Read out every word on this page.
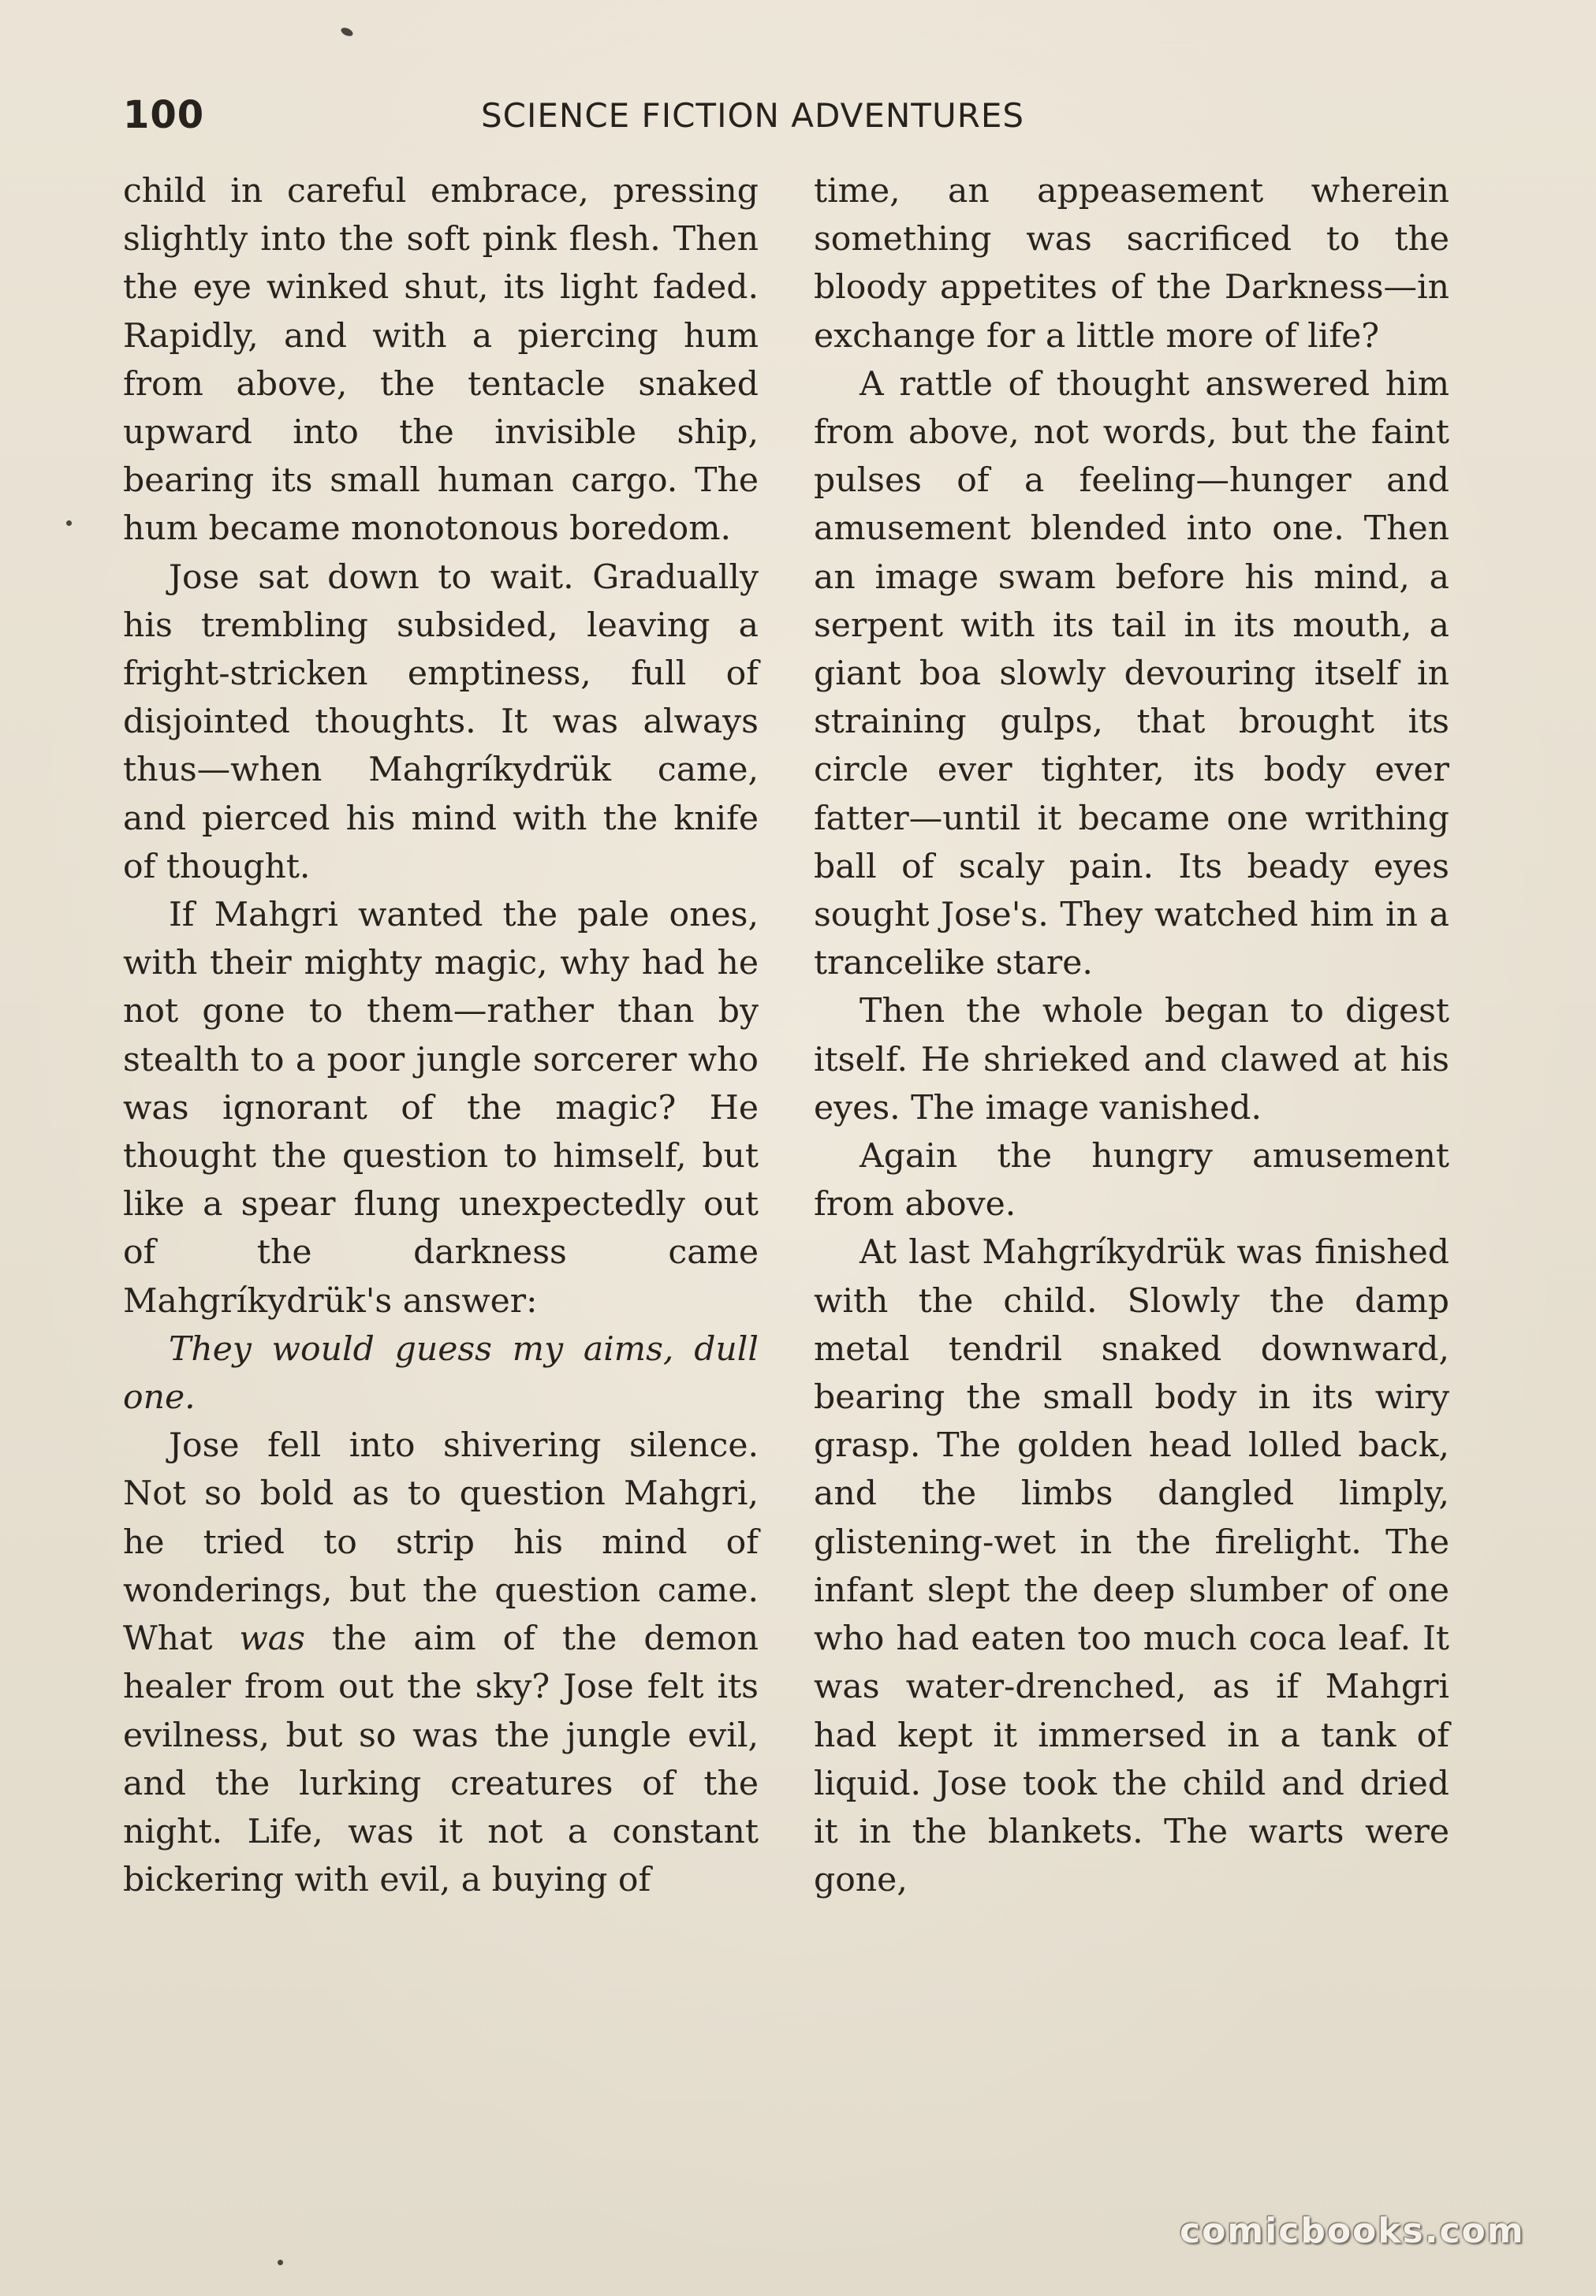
100	SCIENCE FICTION ADVENTURES

child in careful embrace, pressing slightly into the soft pink flesh. Then the eye winked shut, its light faded. Rapidly, and with a piercing hum from above, the tentacle snaked upward into the invisible ship, bearing its small human cargo. The hum became monotonous boredom.

Jose sat down to wait. Gradually his trembling subsided, leaving a fright-stricken emptiness, full of disjointed thoughts. It was always thus—when Mahgríkydrük came, and pierced his mind with the knife of thought.

If Mahgri wanted the pale ones, with their mighty magic, why had he not gone to them—rather than by stealth to a poor jungle sorcerer who was ignorant of the magic? He thought the question to himself, but like a spear flung unexpectedly out of the darkness came Mahgríkydrük's answer:

They would guess my aims, dull one.

Jose fell into shivering silence. Not so bold as to question Mahgri, he tried to strip his mind of wonderings, but the question came. What was the aim of the demon healer from out the sky? Jose felt its evilness, but so was the jungle evil, and the lurking creatures of the night. Life, was it not a constant bickering with evil, a buying of

time, an appeasement wherein something was sacrificed to the bloody appetites of the Darkness—in exchange for a little more of life?

A rattle of thought answered him from above, not words, but the faint pulses of a feeling—hunger and amusement blended into one. Then an image swam before his mind, a serpent with its tail in its mouth, a giant boa slowly devouring itself in straining gulps, that brought its circle ever tighter, its body ever fatter—until it became one writhing ball of scaly pain. Its beady eyes sought Jose's. They watched him in a trancelike stare.

Then the whole began to digest itself. He shrieked and clawed at his eyes. The image vanished.

Again the hungry amusement from above.

At last Mahgríkydrük was finished with the child. Slowly the damp metal tendril snaked downward, bearing the small body in its wiry grasp. The golden head lolled back, and the limbs dangled limply, glistening-wet in the firelight. The infant slept the deep slumber of one who had eaten too much coca leaf. It was water-drenched, as if Mahgri had kept it immersed in a tank of liquid. Jose took the child and dried it in the blankets. The warts were gone,

comicbooks.com
